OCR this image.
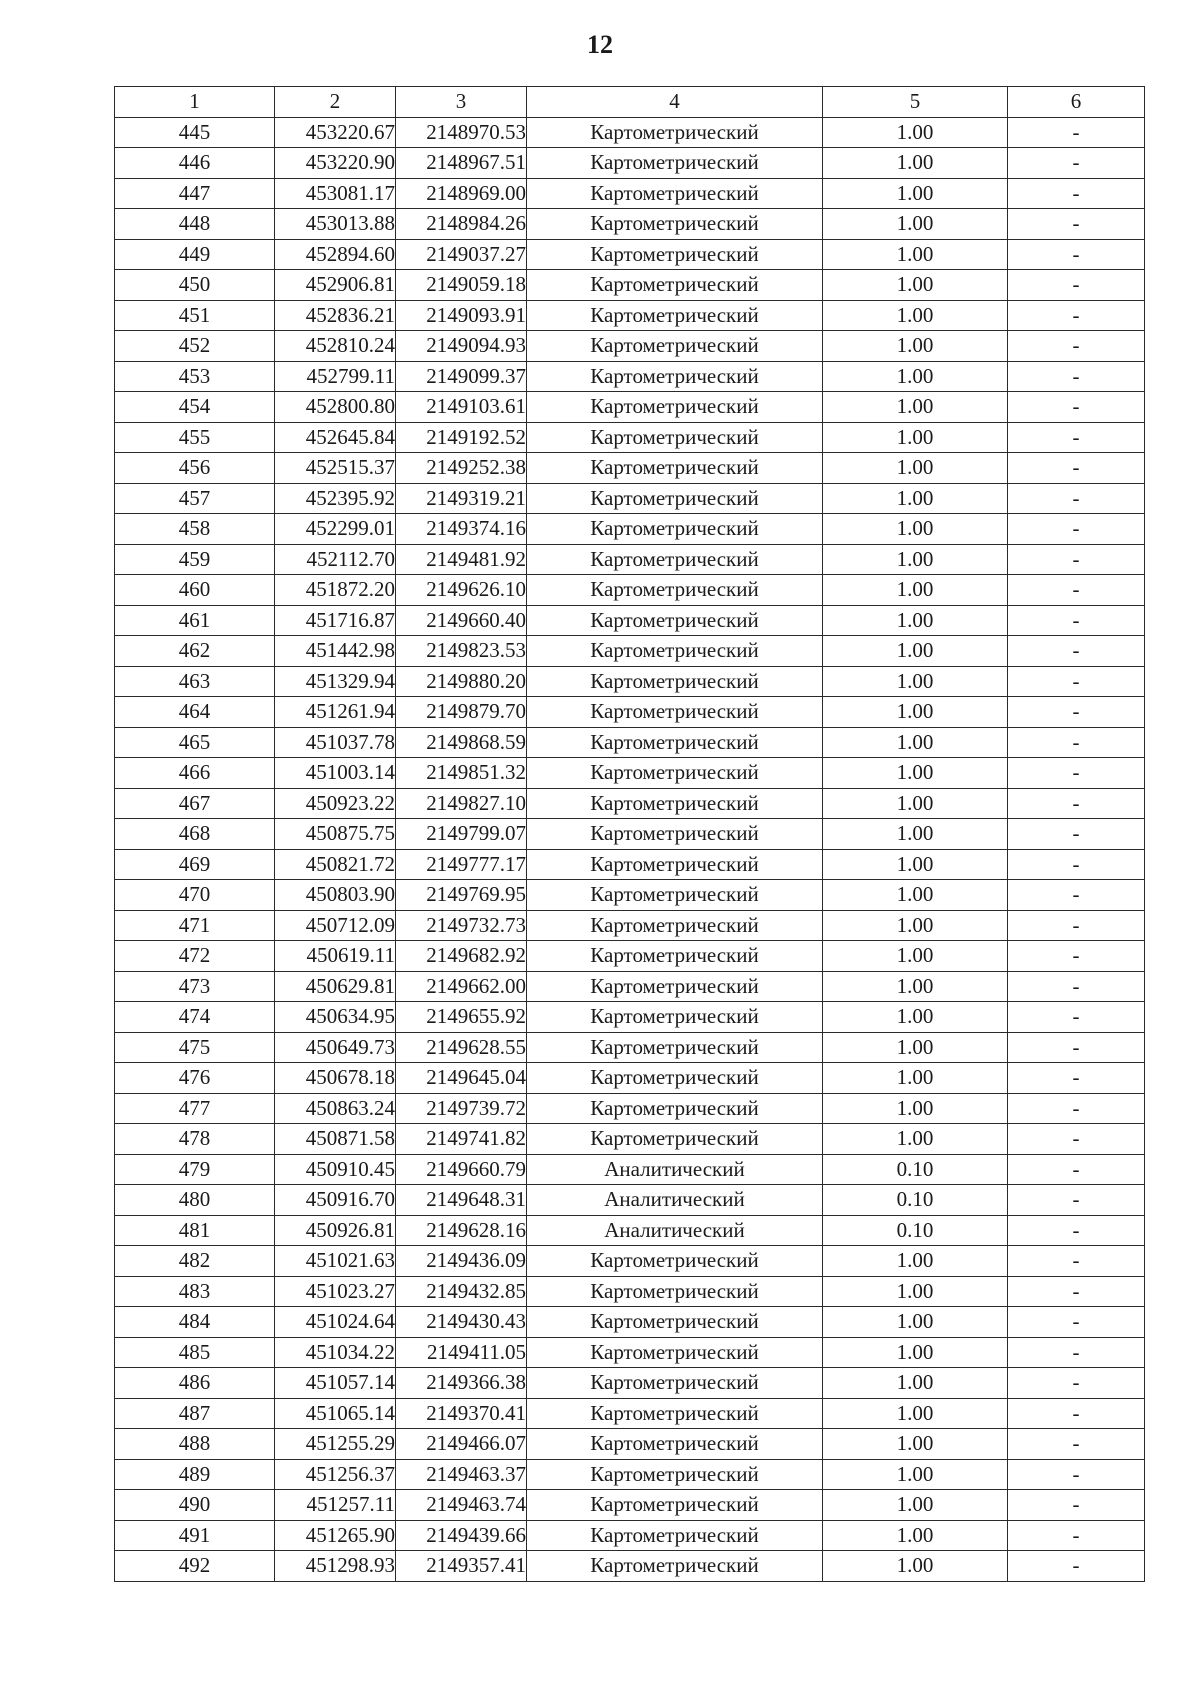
12
1	2	3	4	5	6
445	453220.67	2148970.53	Картометрический	1.00	-
446	453220.90	2148967.51	Картометрический	1.00	-
447	453081.17	2148969.00	Картометрический	1.00	-
448	453013.88	2148984.26	Картометрический	1.00	-
449	452894.60	2149037.27	Картометрический	1.00	-
450	452906.81	2149059.18	Картометрический	1.00	-
451	452836.21	2149093.91	Картометрический	1.00	-
452	452810.24	2149094.93	Картометрический	1.00	-
453	452799.11	2149099.37	Картометрический	1.00	-
454	452800.80	2149103.61	Картометрический	1.00	-
455	452645.84	2149192.52	Картометрический	1.00	-
456	452515.37	2149252.38	Картометрический	1.00	-
457	452395.92	2149319.21	Картометрический	1.00	-
458	452299.01	2149374.16	Картометрический	1.00	-
459	452112.70	2149481.92	Картометрический	1.00	-
460	451872.20	2149626.10	Картометрический	1.00	-
461	451716.87	2149660.40	Картометрический	1.00	-
462	451442.98	2149823.53	Картометрический	1.00	-
463	451329.94	2149880.20	Картометрический	1.00	-
464	451261.94	2149879.70	Картометрический	1.00	-
465	451037.78	2149868.59	Картометрический	1.00	-
466	451003.14	2149851.32	Картометрический	1.00	-
467	450923.22	2149827.10	Картометрический	1.00	-
468	450875.75	2149799.07	Картометрический	1.00	-
469	450821.72	2149777.17	Картометрический	1.00	-
470	450803.90	2149769.95	Картометрический	1.00	-
471	450712.09	2149732.73	Картометрический	1.00	-
472	450619.11	2149682.92	Картометрический	1.00	-
473	450629.81	2149662.00	Картометрический	1.00	-
474	450634.95	2149655.92	Картометрический	1.00	-
475	450649.73	2149628.55	Картометрический	1.00	-
476	450678.18	2149645.04	Картометрический	1.00	-
477	450863.24	2149739.72	Картометрический	1.00	-
478	450871.58	2149741.82	Картометрический	1.00	-
479	450910.45	2149660.79	Аналитический	0.10	-
480	450916.70	2149648.31	Аналитический	0.10	-
481	450926.81	2149628.16	Аналитический	0.10	-
482	451021.63	2149436.09	Картометрический	1.00	-
483	451023.27	2149432.85	Картометрический	1.00	-
484	451024.64	2149430.43	Картометрический	1.00	-
485	451034.22	2149411.05	Картометрический	1.00	-
486	451057.14	2149366.38	Картометрический	1.00	-
487	451065.14	2149370.41	Картометрический	1.00	-
488	451255.29	2149466.07	Картометрический	1.00	-
489	451256.37	2149463.37	Картометрический	1.00	-
490	451257.11	2149463.74	Картометрический	1.00	-
491	451265.90	2149439.66	Картометрический	1.00	-
492	451298.93	2149357.41	Картометрический	1.00	-
